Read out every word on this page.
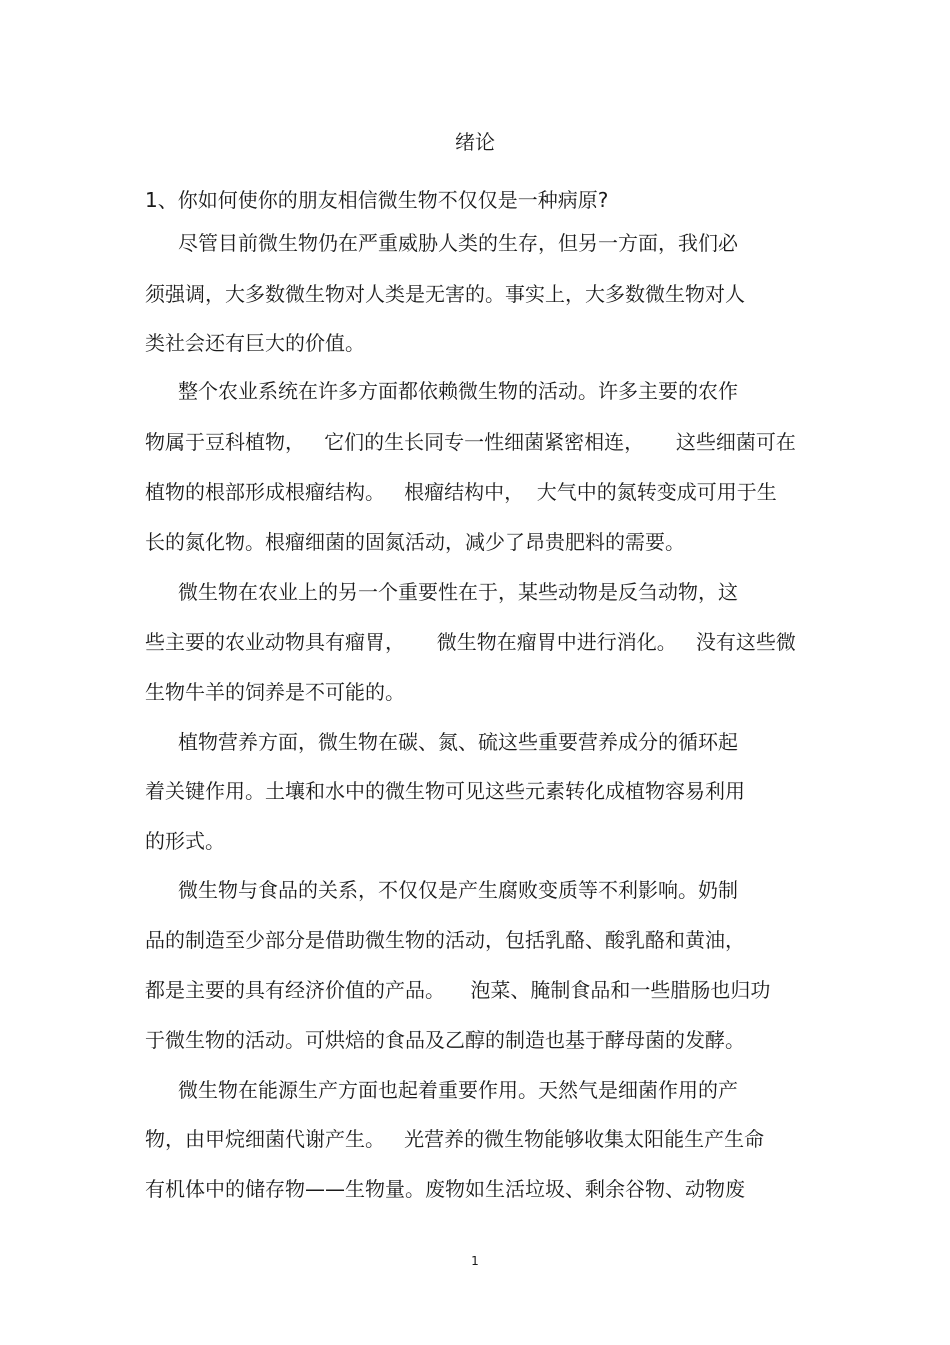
绪论
1、你如何使你的朋友相信微生物不仅仅是一种病原?
尽管目前微生物仍在严重威胁人类的生存，但另一方面，我们必
须强调，大多数微生物对人类是无害的。事实上，大多数微生物对人
类社会还有巨大的价值。
整个农业系统在许多方面都依赖微生物的活动。许多主要的农作
物属于豆科植物，   它们的生长同专一性细菌紧密相连，     这些细菌可在
植物的根部形成根瘤结构。   根瘤结构中，  大气中的氮转变成可用于生
长的氮化物。根瘤细菌的固氮活动，减少了昂贵肥料的需要。
微生物在农业上的另一个重要性在于，某些动物是反刍动物，这
些主要的农业动物具有瘤胃，     微生物在瘤胃中进行消化。   没有这些微
生物牛羊的饲养是不可能的。
植物营养方面，微生物在碳、氮、硫这些重要营养成分的循环起
着关键作用。土壤和水中的微生物可见这些元素转化成植物容易利用
的形式。
微生物与食品的关系，不仅仅是产生腐败变质等不利影响。奶制
品的制造至少部分是借助微生物的活动，包括乳酪、酸乳酪和黄油，
都是主要的具有经济价值的产品。    泡菜、腌制食品和一些腊肠也归功
于微生物的活动。可烘焙的食品及乙醇的制造也基于酵母菌的发酵。
微生物在能源生产方面也起着重要作用。天然气是细菌作用的产
物，由甲烷细菌代谢产生。   光营养的微生物能够收集太阳能生产生命
有机体中的储存物——生物量。废物如生活垃圾、剩余谷物、动物废
1
